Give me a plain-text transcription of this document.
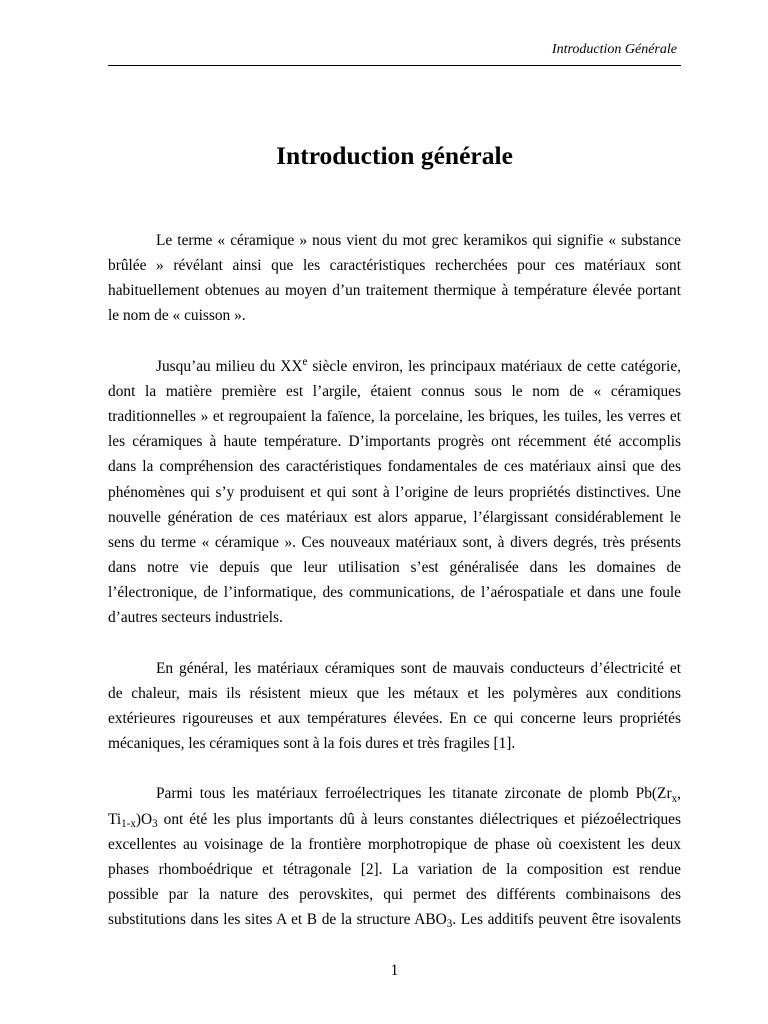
Introduction Générale
Introduction générale
Le terme « céramique » nous vient du mot grec keramikos qui signifie « substance
brûlée » révélant ainsi que les caractéristiques recherchées pour ces matériaux sont
habituellement obtenues au moyen d’un traitement thermique à température élevée portant
le nom de « cuisson ».
Jusqu’au milieu du XXe siècle environ, les principaux matériaux de cette catégorie,
dont la matière première est l’argile, étaient connus sous le nom de « céramiques
traditionnelles » et regroupaient la faïence, la porcelaine, les briques, les tuiles, les verres et
les céramiques à haute température. D’importants progrès ont récemment été accomplis
dans la compréhension des caractéristiques fondamentales de ces matériaux ainsi que des
phénomènes qui s’y produisent et qui sont à l’origine de leurs propriétés distinctives. Une
nouvelle génération de ces matériaux est alors apparue, l’élargissant considérablement le
sens du terme « céramique ». Ces nouveaux matériaux sont, à divers degrés, très présents
dans notre vie depuis que leur utilisation s’est généralisée dans les domaines de
l’électronique, de l’informatique, des communications, de l’aérospatiale et dans une foule
d’autres secteurs industriels.
En général, les matériaux céramiques sont de mauvais conducteurs d’électricité et
de chaleur, mais ils résistent mieux que les métaux et les polymères aux conditions
extérieures rigoureuses et aux températures élevées. En ce qui concerne leurs propriétés
mécaniques, les céramiques sont à la fois dures et très fragiles [1].
Parmi tous les matériaux ferroélectriques les titanate zirconate de plomb $Pb(Zr_x$,
$Ti_{1-x})O_3$ ont été les plus importants dû à leurs constantes diélectriques et piézoélectriques
excellentes au voisinage de la frontière morphotropique de phase où coexistent les deux
phases rhomboédrique et tétragonale [2]. La variation de la composition est rendue
possible par la nature des perovskites, qui permet des différents combinaisons des
substitutions dans les sites A et B de la structure $ABO_3$. Les additifs peuvent être isovalents
1
